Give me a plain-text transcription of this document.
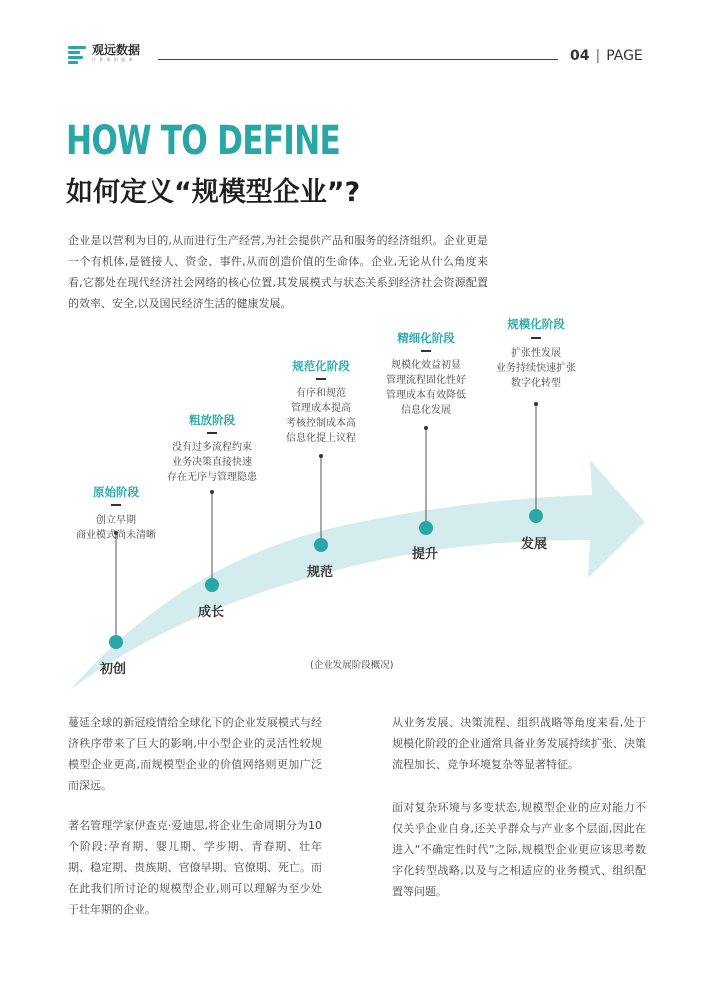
观远数据
让 业 务 用 起 来	04 | PAGE
HOW TO DEFINE
如何定义“规模型企业”?

企业是以营利为目的,从而进行生产经营,为社会提供产品和服务的经济组织。企业更是一个有机体,是链接人、资金、事件,从而创造价值的生命体。企业,无论从什么角度来看,它都处在现代经济社会网络的核心位置,其发展模式与状态关系到经济社会资源配置的效率、安全,以及国民经济生活的健康发展。

原始阶段
创立早期
商业模式尚未清晰
初创
粗放阶段
没有过多流程约束
业务决策直接快速
存在无序与管理隐患
成长
规范化阶段
有序和规范
管理成本提高
考核控制成本高
信息化提上议程
规范
精细化阶段
规模化效益初显
管理流程固化性好
管理成本有效降低
信息化发展
提升
规模化阶段
扩张性发展
业务持续快速扩张
数字化转型
发展
(企业发展阶段概况)

蔓延全球的新冠疫情给全球化下的企业发展模式与经济秩序带来了巨大的影响,中小型企业的灵活性较规模型企业更高,而规模型企业的价值网络则更加广泛而深远。

著名管理学家伊查克·爱迪思,将企业生命周期分为10个阶段:孕育期、婴儿期、学步期、青春期、壮年期、稳定期、贵族期、官僚早期、官僚期、死亡。而在此我们所讨论的规模型企业,则可以理解为至少处于壮年期的企业。

从业务发展、决策流程、组织战略等角度来看,处于规模化阶段的企业通常具备业务发展持续扩张、决策流程加长、竞争环境复杂等显著特征。

面对复杂环境与多变状态,规模型企业的应对能力不仅关乎企业自身,还关乎群众与产业多个层面,因此在进入“不确定性时代”之际,规模型企业更应该思考数字化转型战略,以及与之相适应的业务模式、组织配置等问题。
